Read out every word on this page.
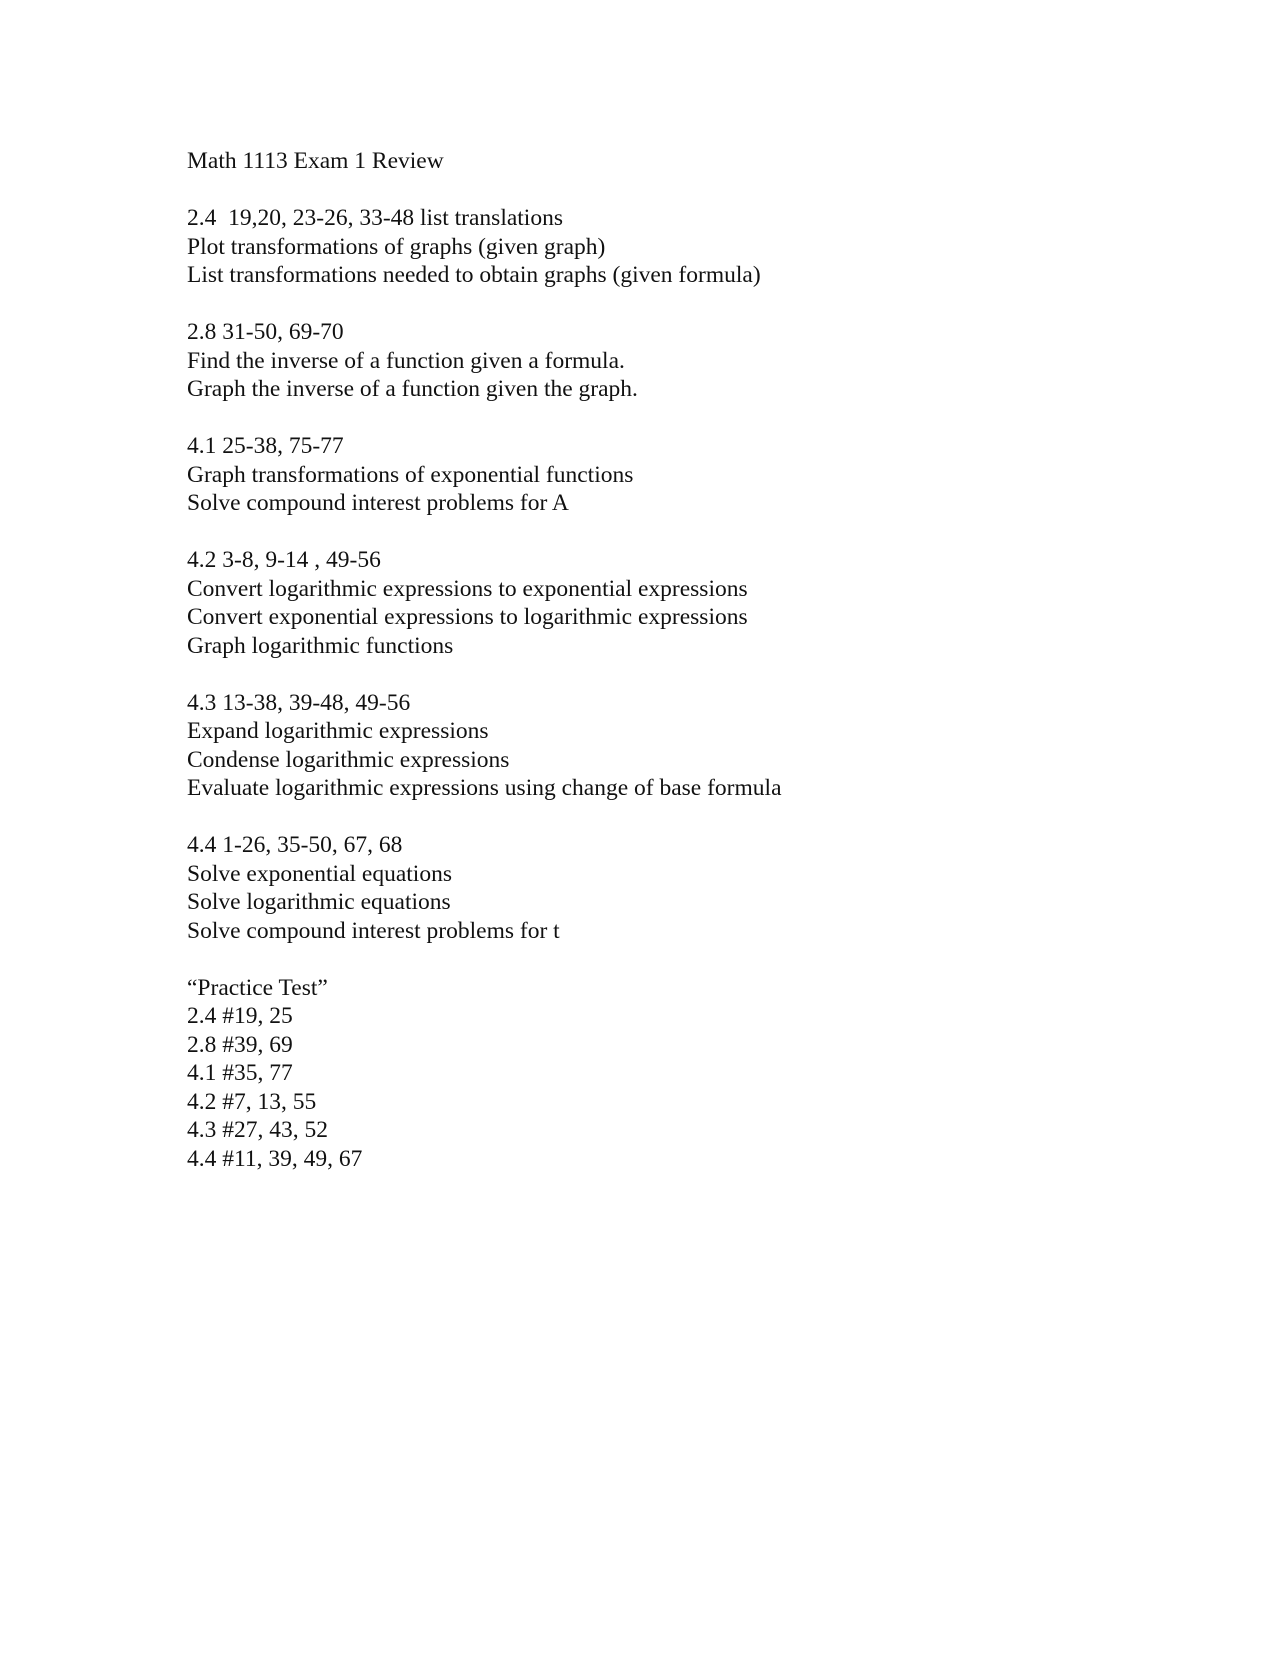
Math 1113 Exam 1 Review
2.4  19,20, 23-26, 33-48 list translations
Plot transformations of graphs (given graph)
List transformations needed to obtain graphs (given formula)
2.8 31-50, 69-70
Find the inverse of a function given a formula.
Graph the inverse of a function given the graph.
4.1 25-38, 75-77
Graph transformations of exponential functions
Solve compound interest problems for A
4.2 3-8, 9-14 , 49-56
Convert logarithmic expressions to exponential expressions
Convert exponential expressions to logarithmic expressions
Graph logarithmic functions
4.3 13-38, 39-48, 49-56
Expand logarithmic expressions
Condense logarithmic expressions
Evaluate logarithmic expressions using change of base formula
4.4 1-26, 35-50, 67, 68
Solve exponential equations
Solve logarithmic equations
Solve compound interest problems for t
“Practice Test”
2.4 #19, 25
2.8 #39, 69
4.1 #35, 77
4.2 #7, 13, 55
4.3 #27, 43, 52
4.4 #11, 39, 49, 67
